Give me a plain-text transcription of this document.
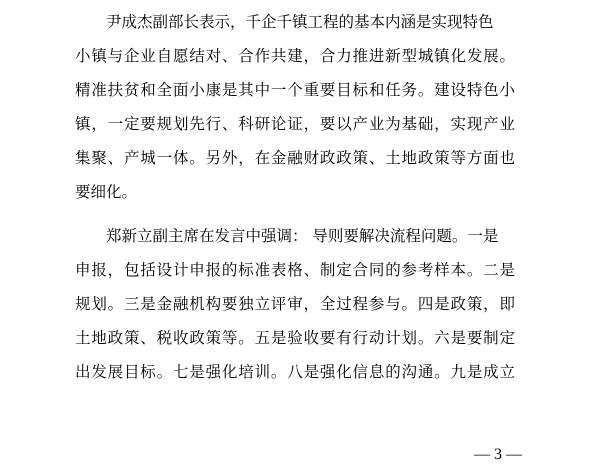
　　尹成杰副部长表示，千企千镇工程的基本内涵是实现特色
小镇与企业自愿结对、合作共建，合力推进新型城镇化发展。
精准扶贫和全面小康是其中一个重要目标和任务。建设特色小
镇，一定要规划先行、科研论证，要以产业为基础，实现产业
集聚、产城一体。另外，在金融财政政策、土地政策等方面也
要细化。
　　郑新立副主席在发言中强调： 导则要解决流程问题。一是
申报，包括设计申报的标准表格、制定合同的参考样本。二是
规划。三是金融机构要独立评审，全过程参与。四是政策，即
土地政策、税收政策等。五是验收要有行动计划。六是要制定
出发展目标。七是强化培训。八是强化信息的沟通。九是成立
— 3 —
